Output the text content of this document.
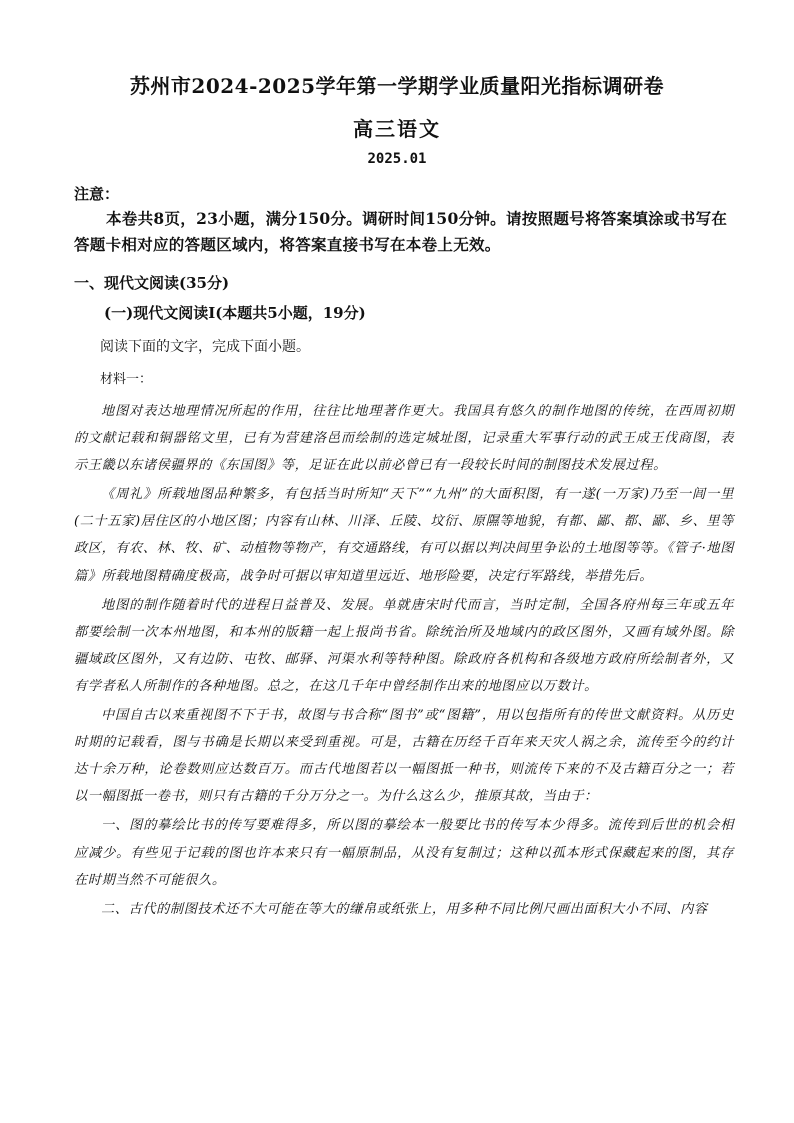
苏州市2024-2025学年第一学期学业质量阳光指标调研卷
高三语文
2025.01
注意：
本卷共8页，23小题，满分150分。调研时间150分钟。请按照题号将答案填涂或书写在答题卡相对应的答题区域内，将答案直接书写在本卷上无效。
一、现代文阅读(35分)
(一)现代文阅读Ⅰ(本题共5小题，19分)
阅读下面的文字，完成下面小题。
材料一：

地图对表达地理情况所起的作用，往往比地理著作更大。我国具有悠久的制作地图的传统，在西周初期的文献记载和铜器铭文里，已有为营建洛邑而绘制的选定城址图，记录重大军事行动的武王成王伐商图，表示王畿以东诸侯疆界的《东国图》等，足证在此以前必曾已有一段较长时间的制图技术发展过程。

《周礼》所载地图品种繁多，有包括当时所知“天下”“九州”的大面积图，有一遂(一万家)乃至一闾一里(二十五家)居住区的小地区图；内容有山林、川泽、丘陵、坟衍、原隰等地貌，有都、鄙、都、鄙、乡、里等政区，有农、林、牧、矿、动植物等物产，有交通路线，有可以据以判决闾里争讼的土地图等等。《管子·地图篇》所载地图精确度极高，战争时可据以审知道里远近、地形险要，决定行军路线，举措先后。

地图的制作随着时代的进程日益普及、发展。单就唐宋时代而言，当时定制，全国各府州每三年或五年都要绘制一次本州地图，和本州的版籍一起上报尚书省。除统治所及地域内的政区图外，又画有域外图。除疆域政区图外，又有边防、屯牧、邮驿、河渠水利等特种图。除政府各机构和各级地方政府所绘制者外，又有学者私人所制作的各种地图。总之，在这几千年中曾经制作出来的地图应以万数计。

中国自古以来重视图不下于书，故图与书合称“图书”或“图籍”，用以包指所有的传世文献资料。从历史时期的记载看，图与书确是长期以来受到重视。可是，古籍在历经千百年来天灾人祸之余，流传至今的约计达十余万种，论卷数则应达数百万。而古代地图若以一幅图抵一种书，则流传下来的不及古籍百分之一；若以一幅图抵一卷书，则只有古籍的千分万分之一。为什么这么少，推原其故，当由于：

一、图的摹绘比书的传写要难得多，所以图的摹绘本一般要比书的传写本少得多。流传到后世的机会相应减少。有些见于记载的图也许本来只有一幅原制品，从没有复制过；这种以孤本形式保藏起来的图，其存在时期当然不可能很久。

二、古代的制图技术还不大可能在等大的缣帛或纸张上，用多种不同比例尺画出面积大小不同、内容
